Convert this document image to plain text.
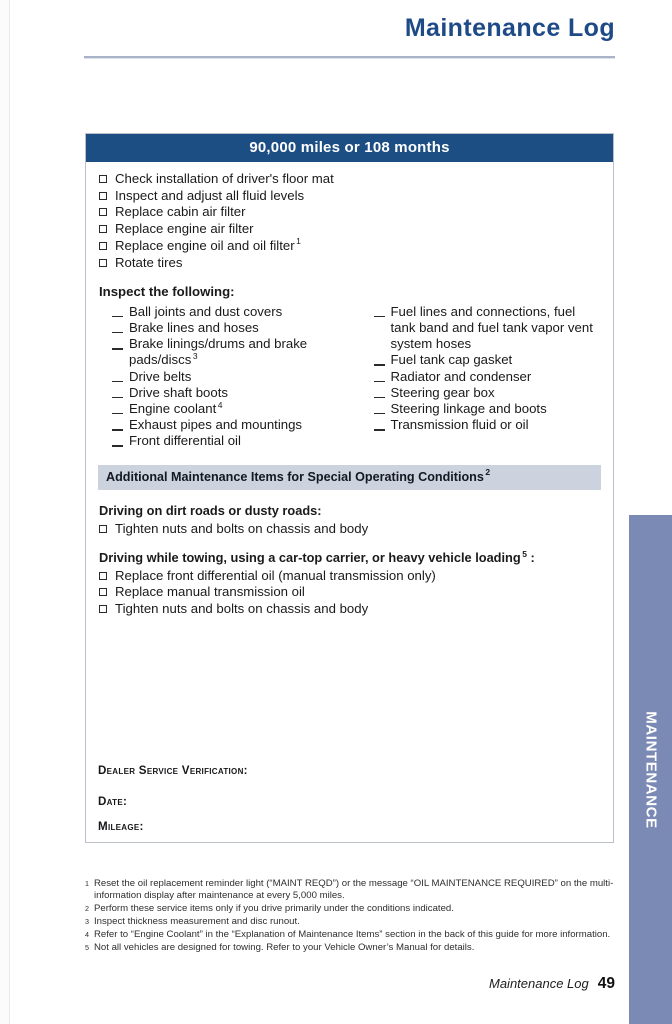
Maintenance Log
MAINTENANCE
90,000 miles or 108 months
Check installation of driver's floor mat
Inspect and adjust all fluid levels
Replace cabin air filter
Replace engine air filter
Replace engine oil and oil filter $^1$
Rotate tires
Inspect the following:
Ball joints and dust covers
Brake lines and hoses
Brake linings/drums and brake pads/discs $^3$
Drive belts
Drive shaft boots
Engine coolant $^4$
Exhaust pipes and mountings
Front differential oil
Fuel lines and connections, fuel tank band and fuel tank vapor vent system hoses
Fuel tank cap gasket
Radiator and condenser
Steering gear box
Steering linkage and boots
Transmission fluid or oil
Additional Maintenance Items for Special Operating Conditions $^2$
Driving on dirt roads or dusty roads:
Tighten nuts and bolts on chassis and body
Driving while towing, using a car-top carrier, or heavy vehicle loading $^5$ :
Replace front differential oil (manual transmission only)
Replace manual transmission oil
Tighten nuts and bolts on chassis and body
Dealer Service Verification:
Date:
Mileage:
1 Reset the oil replacement reminder light (“MAINT REQD”) or the message “OIL MAINTENANCE REQUIRED” on the multi-information display after maintenance at every 5,000 miles.
2 Perform these service items only if you drive primarily under the conditions indicated.
3 Inspect thickness measurement and disc runout.
4 Refer to “Engine Coolant” in the “Explanation of Maintenance Items” section in the back of this guide for more information.
5 Not all vehicles are designed for towing. Refer to your Vehicle Owner’s Manual for details.
Maintenance Log 49
